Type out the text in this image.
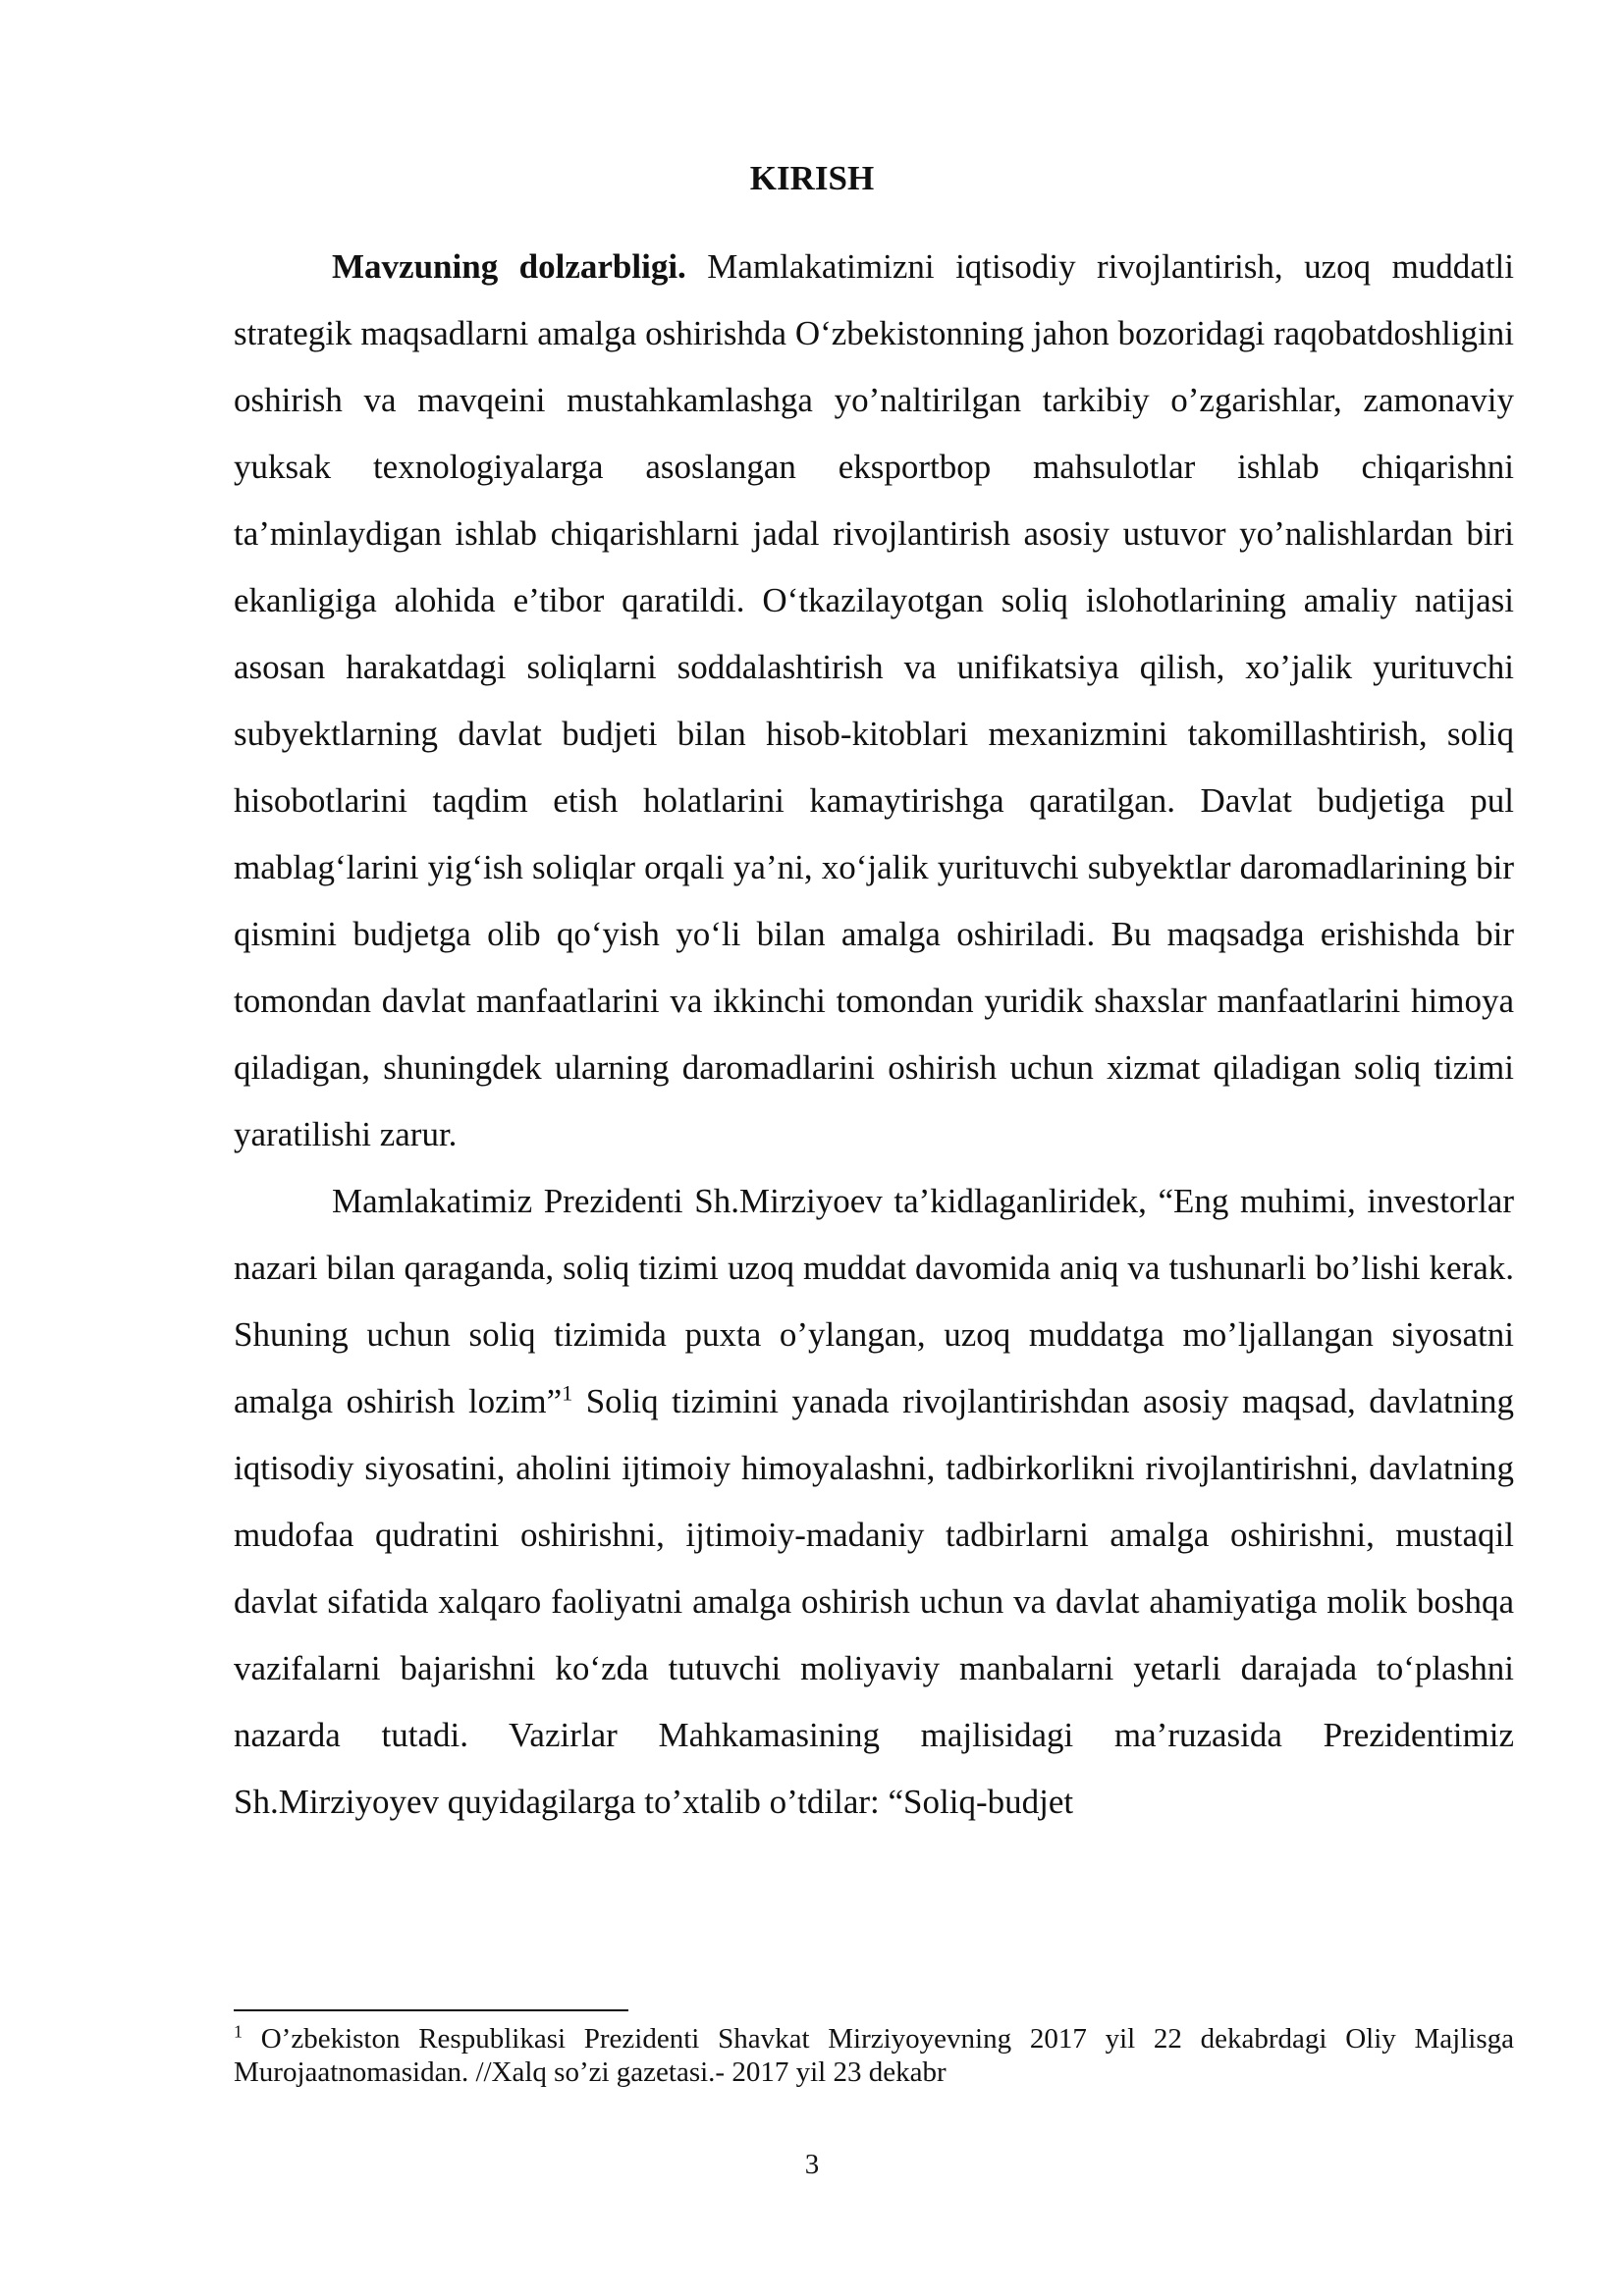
KIRISH

Mavzuning dolzarbligi. Mamlakatimizni iqtisodiy rivojlantirish, uzoq muddatli strategik maqsadlarni amalga oshirishda O‘zbekistonning jahon bozoridagi raqobatdoshligini oshirish va mavqeini mustahkamlashga yo’naltirilgan tarkibiy o’zgarishlar, zamonaviy yuksak texnologiyalarga asoslangan eksportbop mahsulotlar ishlab chiqarishni ta’minlaydigan ishlab chiqarishlarni jadal rivojlantirish asosiy ustuvor yo’nalishlardan biri ekanligiga alohida e’tibor qaratildi. O‘tkazilayotgan soliq islohotlarining amaliy natijasi asosan harakatdagi soliqlarni soddalashtirish va unifikatsiya qilish, xo’jalik yurituvchi subyektlarning davlat budjeti bilan hisob-kitoblari mexanizmini takomillashtirish, soliq hisobotlarini taqdim etish holatlarini kamaytirishga qaratilgan. Davlat budjetiga pul mablag‘larini yig‘ish soliqlar orqali ya’ni, xo‘jalik yurituvchi subyektlar daromadlarining bir qismini budjetga olib qo‘yish yo‘li bilan amalga oshiriladi. Bu maqsadga erishishda bir tomondan davlat manfaatlarini va ikkinchi tomondan yuridik shaxslar manfaatlarini himoya qiladigan, shuningdek ularning daromadlarini oshirish uchun xizmat qiladigan soliq tizimi yaratilishi zarur.

Mamlakatimiz Prezidenti Sh.Mirziyoev ta’kidlaganliridek, “Eng muhimi, investorlar nazari bilan qaraganda, soliq tizimi uzoq muddat davomida aniq va tushunarli bo’lishi kerak. Shuning uchun soliq tizimida puxta o’ylangan, uzoq muddatga mo’ljallangan siyosatni amalga oshirish lozim”$^1$ Soliq tizimini yanada rivojlantirishdan asosiy maqsad, davlatning iqtisodiy siyosatini, aholini ijtimoiy himoyalashni, tadbirkorlikni rivojlantirishni, davlatning mudofaa qudratini oshirishni, ijtimoiy-madaniy tadbirlarni amalga oshirishni, mustaqil davlat sifatida xalqaro faoliyatni amalga oshirish uchun va davlat ahamiyatiga molik boshqa vazifalarni bajarishni ko‘zda tutuvchi moliyaviy manbalarni yetarli darajada to‘plashni nazarda tutadi. Vazirlar Mahkamasining majlisidagi ma’ruzasida Prezidentimiz Sh.Mirziyoyev quyidagilarga to’xtalib o’tdilar: “Soliq-budjet

$^1$ O’zbekiston Respublikasi Prezidenti Shavkat Mirziyoyevning 2017 yil 22 dekabrdagi Oliy Majlisga Murojaatnomasidan. //Xalq so’zi gazetasi.- 2017 yil 23 dekabr

3
